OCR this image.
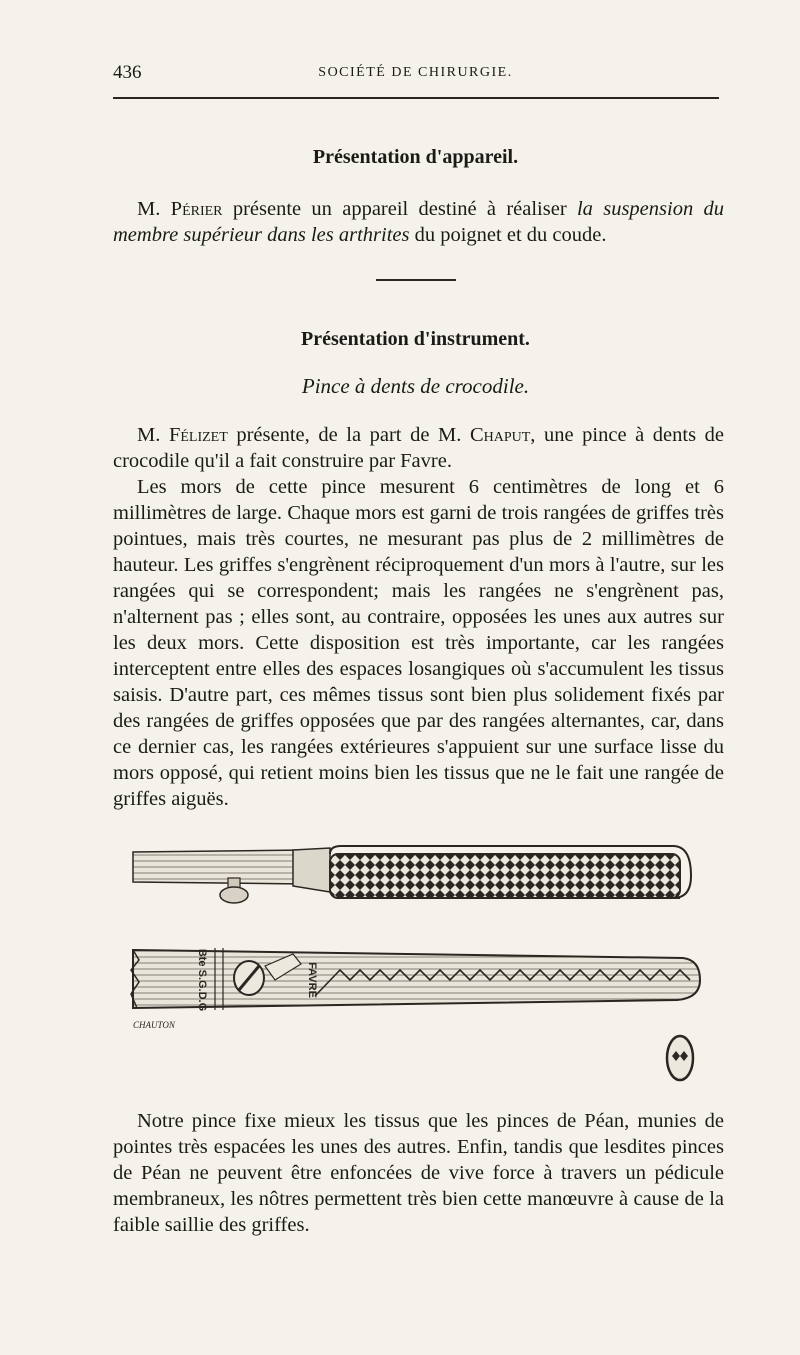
436	SOCIÉTÉ DE CHIRURGIE.
Présentation d'appareil.

M. Périer présente un appareil destiné à réaliser la suspension du membre supérieur dans les arthrites du poignet et du coude.

Présentation d'instrument.
Pince à dents de crocodile.

M. Félizet présente, de la part de M. Chaput, une pince à dents de crocodile qu'il a fait construire par Favre.

Les mors de cette pince mesurent 6 centimètres de long et 6 millimètres de large. Chaque mors est garni de trois rangées de griffes très pointues, mais très courtes, ne mesurant pas plus de 2 millimètres de hauteur. Les griffes s'engrènent réciproquement d'un mors à l'autre, sur les rangées qui se correspondent; mais les rangées ne s'engrènent pas, n'alternent pas ; elles sont, au contraire, opposées les unes aux autres sur les deux mors. Cette disposition est très importante, car les rangées interceptent entre elles des espaces losangiques où s'accumulent les tissus saisis. D'autre part, ces mêmes tissus sont bien plus solidement fixés par des rangées de griffes opposées que par des rangées alternantes, car, dans ce dernier cas, les rangées extérieures s'appuient sur une surface lisse du mors opposé, qui retient moins bien les tissus que ne le fait une rangée de griffes aiguës.

Bte S.G.D.G	FAVRE
CHAUTON

Notre pince fixe mieux les tissus que les pinces de Péan, munies de pointes très espacées les unes des autres. Enfin, tandis que lesdites pinces de Péan ne peuvent être enfoncées de vive force à travers un pédicule membraneux, les nôtres permettent très bien cette manœuvre à cause de la faible saillie des griffes.
